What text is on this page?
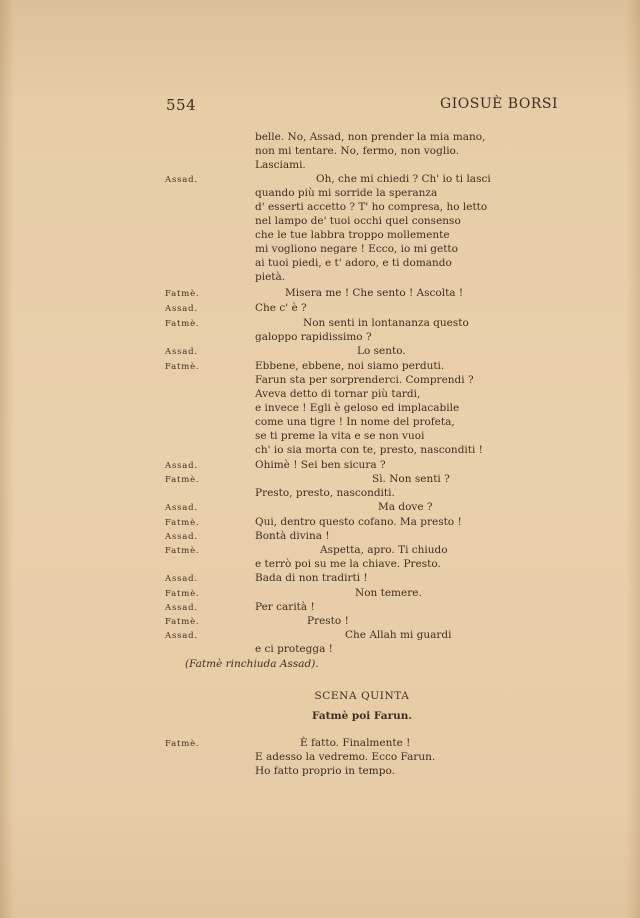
554	GIOSUÈ BORSI
belle. No, Assad, non prender la mia mano,
non mi tentare. No, fermo, non voglio.
Lasciami.
Assad.	Oh, che mi chiedi ? Ch' io ti lasci
quando più mi sorride la speranza
d' esserti accetto ? T' ho compresa, ho letto
nel lampo de' tuoi occhi quel consenso
che le tue labbra troppo mollemente
mi vogliono negare ! Ecco, io mi getto
ai tuoi piedi, e t' adoro, e ti domando
pietà.
Fatmè.	Misera me ! Che sento ! Ascolta !
Assad.	Che c' è ?
Fatmè.	Non senti in lontananza questo
galoppo rapidissimo ?
Assad.	Lo sento.
Fatmè.	Ebbene, ebbene, noi siamo perduti.
Farun sta per sorprenderci. Comprendi ?
Aveva detto di tornar più tardi,
e invece ! Egli è geloso ed implacabile
come una tigre ! In nome del profeta,
se ti preme la vita e se non vuoi
ch' io sia morta con te, presto, nasconditi !
Assad.	Ohimè ! Sei ben sicura ?
Fatmè.	Sì. Non senti ?
Presto, presto, nasconditi.
Assad.	Ma dove ?
Fatmè.	Qui, dentro questo cofano. Ma presto !
Assad.	Bontà divina !
Fatmè.	Aspetta, apro. Ti chiudo
e terrò poi su me la chiave. Presto.
Assad.	Bada di non tradirti !
Fatmè.	Non temere.
Assad.	Per carità !
Fatmè.	Presto !
Assad.	Che Allah mi guardi
e ci protegga !
(Fatmè rinchiuda Assad).
SCENA QUINTA
Fatmè poi Farun.
Fatmè.	È fatto. Finalmente !
E adesso la vedremo. Ecco Farun.
Ho fatto proprio in tempo.
